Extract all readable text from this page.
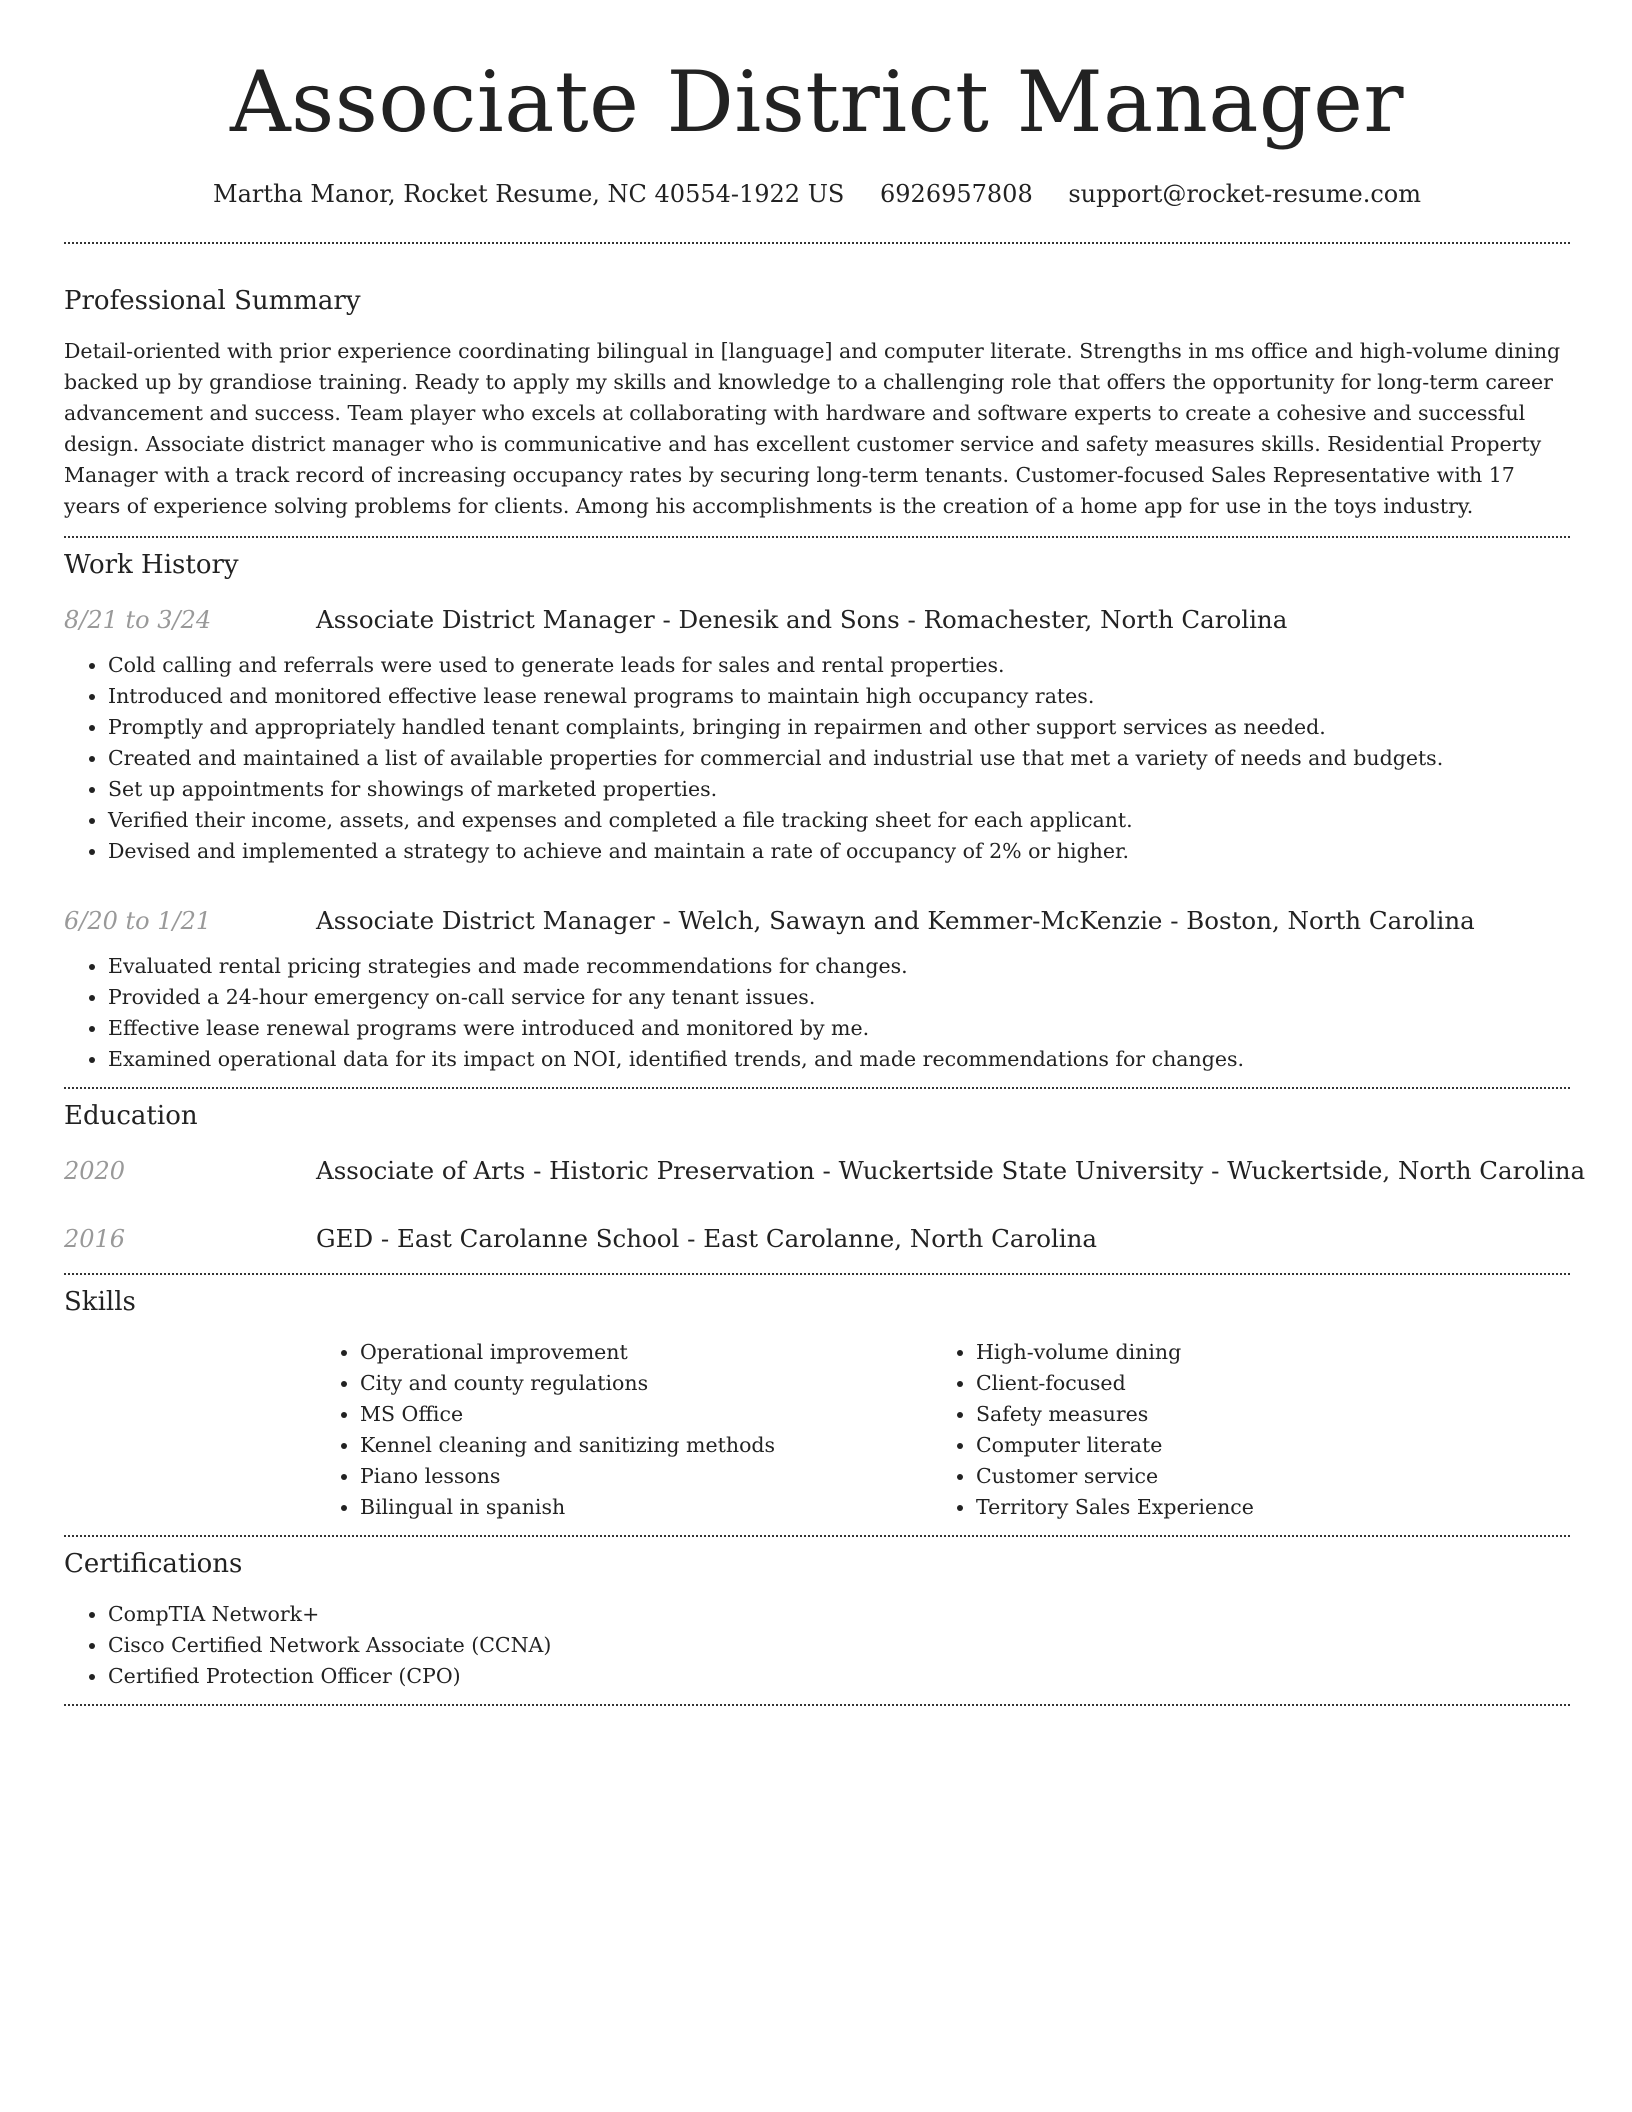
Associate District Manager
Martha Manor, Rocket Resume, NC 40554-1922 US 6926957808 support@rocket-resume.com
Professional Summary

Detail-oriented with prior experience coordinating bilingual in [language] and computer literate. Strengths in ms office and high-volume dining backed up by grandiose training. Ready to apply my skills and knowledge to a challenging role that offers the opportunity for long-term career advancement and success. Team player who excels at collaborating with hardware and software experts to create a cohesive and successful design. Associate district manager who is communicative and has excellent customer service and safety measures skills. Residential Property Manager with a track record of increasing occupancy rates by securing long-term tenants. Customer-focused Sales Representative with 17 years of experience solving problems for clients. Among his accomplishments is the creation of a home app for use in the toys industry.

Work History
8/21 to 3/24	Associate District Manager - Denesik and Sons - Romachester, North Carolina
• Cold calling and referrals were used to generate leads for sales and rental properties.
• Introduced and monitored effective lease renewal programs to maintain high occupancy rates.
• Promptly and appropriately handled tenant complaints, bringing in repairmen and other support services as needed.
• Created and maintained a list of available properties for commercial and industrial use that met a variety of needs and budgets.
• Set up appointments for showings of marketed properties.
• Verified their income, assets, and expenses and completed a file tracking sheet for each applicant.
• Devised and implemented a strategy to achieve and maintain a rate of occupancy of 2% or higher.
6/20 to 1/21	Associate District Manager - Welch, Sawayn and Kemmer-McKenzie - Boston, North Carolina
• Evaluated rental pricing strategies and made recommendations for changes.
• Provided a 24-hour emergency on-call service for any tenant issues.
• Effective lease renewal programs were introduced and monitored by me.
• Examined operational data for its impact on NOI, identified trends, and made recommendations for changes.
Education
2020	Associate of Arts - Historic Preservation - Wuckertside State University - Wuckertside, North Carolina
2016	GED - East Carolanne School - East Carolanne, North Carolina
Skills
• Operational improvement
• City and county regulations
• MS Office
• Kennel cleaning and sanitizing methods
• Piano lessons
• Bilingual in spanish
• High-volume dining
• Client-focused
• Safety measures
• Computer literate
• Customer service
• Territory Sales Experience
Certifications
• CompTIA Network+
• Cisco Certified Network Associate (CCNA)
• Certified Protection Officer (CPO)
